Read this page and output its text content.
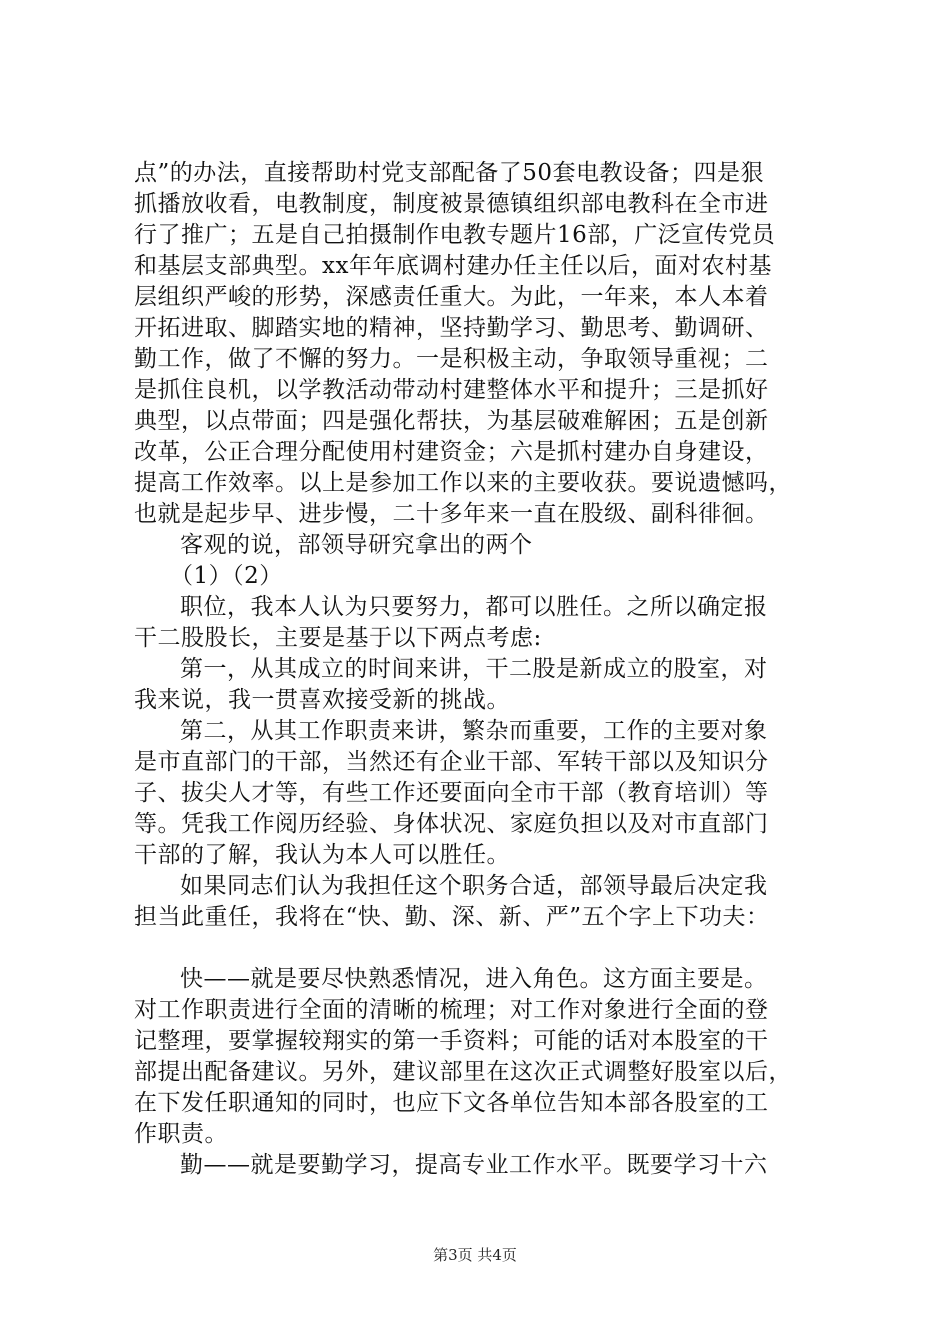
点”的办法，直接帮助村党支部配备了50套电教设备；四是狠
抓播放收看，电教制度，制度被景德镇组织部电教科在全市进
行了推广；五是自己拍摄制作电教专题片16部，广泛宣传党员
和基层支部典型。xx年年底调村建办任主任以后，面对农村基
层组织严峻的形势，深感责任重大。为此，一年来，本人本着
开拓进取、脚踏实地的精神，坚持勤学习、勤思考、勤调研、
勤工作，做了不懈的努力。一是积极主动，争取领导重视；二
是抓住良机，以学教活动带动村建整体水平和提升；三是抓好
典型，以点带面；四是强化帮扶，为基层破难解困；五是创新
改革，公正合理分配使用村建资金；六是抓村建办自身建设，
提高工作效率。以上是参加工作以来的主要收获。要说遗憾吗，
也就是起步早、进步慢，二十多年来一直在股级、副科徘徊。
客观的说，部领导研究拿出的两个
（1）（2）
职位，我本人认为只要努力，都可以胜任。之所以确定报
干二股股长，主要是基于以下两点考虑:
第一，从其成立的时间来讲，干二股是新成立的股室，对
我来说，我一贯喜欢接受新的挑战。
第二，从其工作职责来讲，繁杂而重要，工作的主要对象
是市直部门的干部，当然还有企业干部、军转干部以及知识分
子、拔尖人才等，有些工作还要面向全市干部（教育培训）等
等。凭我工作阅历经验、身体状况、家庭负担以及对市直部门
干部的了解，我认为本人可以胜任。
如果同志们认为我担任这个职务合适，部领导最后决定我
担当此重任，我将在“快、勤、深、新、严”五个字上下功夫：
快——就是要尽快熟悉情况，进入角色。这方面主要是。
对工作职责进行全面的清晰的梳理；对工作对象进行全面的登
记整理，要掌握较翔实的第一手资料；可能的话对本股室的干
部提出配备建议。另外，建议部里在这次正式调整好股室以后，
在下发任职通知的同时，也应下文各单位告知本部各股室的工
作职责。
勤——就是要勤学习，提高专业工作水平。既要学习十六
第3页 共4页
